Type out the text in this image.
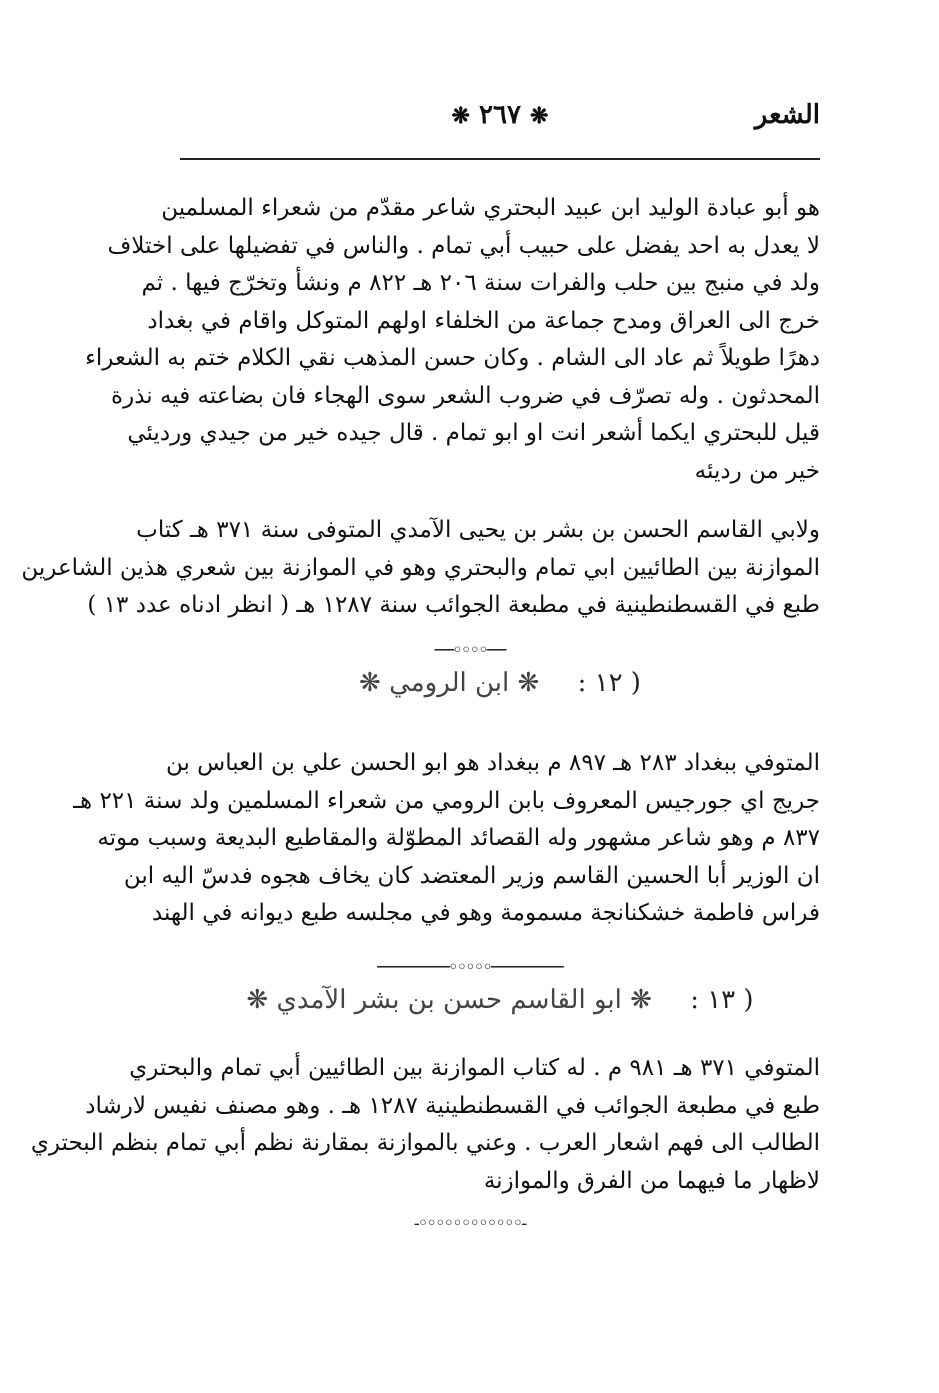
الشعر
❋ ٢٦٧ ❋
هو أبو عبادة الوليد ابن عبيد البحتري شاعر مقدّم من شعراء المسلمين
لا يعدل به احد يفضل على حبيب أبي تمام . والناس في تفضيلها على اختلاف
ولد في منبج بين حلب والفرات سنة ٢٠٦ هـ ٨٢٢ م ونشأ وتخرّج فيها . ثم
خرج الى العراق ومدح جماعة من الخلفاء اولهم المتوكل واقام في بغداد
دهرًا طويلاً ثم عاد الى الشام . وكان حسن المذهب نقي الكلام ختم به الشعراء
المحدثون . وله تصرّف في ضروب الشعر سوى الهجاء فان بضاعته فيه نذرة
قيل للبحتري ايكما أشعر انت او ابو تمام . قال جيده خير من جيدي ورديئي
خير من رديئه
ولابي القاسم الحسن بن بشر بن يحيى الآمدي المتوفى سنة ٣٧١ هـ كتاب
الموازنة بين الطائيين ابي تمام والبحتري وهو في الموازنة بين شعري هذين الشاعرين
طبع في القسطنطينية في مطبعة الجوائب سنة ١٢٨٧ هـ ( انظر ادناه عدد ١٣ )
──◦◦◦◦──
( ١٢ : ❋ ابن الرومي ❋
المتوفي ببغداد ٢٨٣ هـ ٨٩٧ م ببغداد هو ابو الحسن علي بن العباس بن
جريج اي جورجيس المعروف بابن الرومي من شعراء المسلمين ولد سنة ٢٢١ هـ
٨٣٧ م وهو شاعر مشهور وله القصائد المطوّلة والمقاطيع البديعة وسبب موته
ان الوزير أبا الحسين القاسم وزير المعتضد كان يخاف هجوه فدسّ اليه ابن
فراس فاطمة خشكنانجة مسمومة وهو في مجلسه طبع ديوانه في الهند
────────◦◦◦◦◦────────
( ١٣ : ❋ ابو القاسم حسن بن بشر الآمدي ❋
المتوفي ٣٧١ هـ ٩٨١ م . له كتاب الموازنة بين الطائيين أبي تمام والبحتري
طبع في مطبعة الجوائب في القسطنطينية ١٢٨٧ هـ . وهو مصنف نفيس لارشاد
الطالب الى فهم اشعار العرب . وعني بالموازنة بمقارنة نظم أبي تمام بنظم البحتري
لاظهار ما فيهما من الفرق والموازنة
-◦◦◦◦◦◦◦◦◦◦◦◦-
